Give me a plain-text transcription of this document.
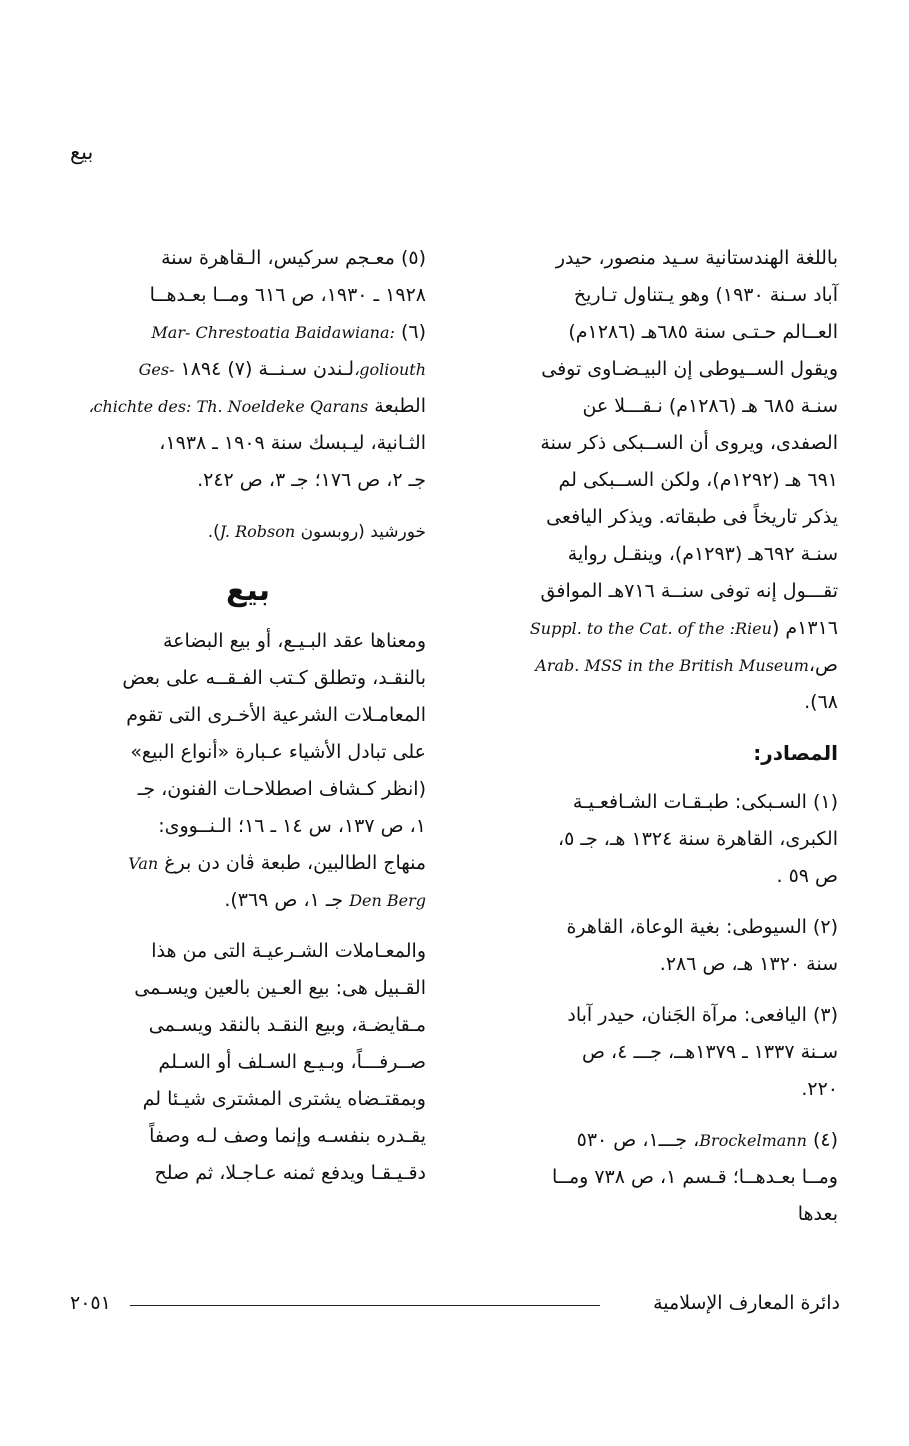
بيع

باللغة الهندستانية سـيد منصور، حيدر
آباد سـنة ١٩٣٠) وهو يـتناول تـاريخ
العــالم حـتـى سنة ٦٨٥هـ (١٢٨٦م)
ويقول الســيوطى إن البيـضـاوى توفى
سنـة ٦٨٥ هـ (١٢٨٦م) نـقـــلا عن
الصفدى، ويروى أن الســبكى ذكر سنة
٦٩١ هـ (١٢٩٢م)، ولكن الســبكى لم
يذكر تاريخاً فى طبقاته. ويذكر اليافعى
سنـة ٦٩٢هـ (١٢٩٣م)، وينقـل رواية
تقـــول إنه توفى سنــة ٧١٦هـ الموافق
١٣١٦م (Suppl. to the Cat. of the :Rieu
ص،Arab. MSS in the British Museum
٦٨).

المصادر:

(١) السـبكى: طبـقـات الشـافعـيـة
الكبرى، القاهرة سنة ١٣٢٤ هـ، جـ ٥،
ص ٥٩ .

(٢) السيوطى: بغية الوعاة، القاهرة
سنة ١٣٢٠ هـ، ص ٢٨٦.

(٣) اليافعى: مرآة الجَنان، حيدر آباد
سـنة ١٣٣٧ ـ ١٣٧٩هــ، جـــ ٤، ص
٢٢٠.

(٤) Brockelmann، جـــ١، ص ٥٣٠
ومــا بعـدهــا؛ قـسم ١، ص ٧٣٨ ومــا
بعدها

(٥) معـجم سركيس، الـقاهرة سنة
١٩٢٨ ـ ١٩٣٠، ص ٦١٦ ومــا بعـدهــا
(٦) Mar- Chrestoatia Baidawiana:
،goliouthلـندن سـنــة (٧) ١٨٩٤ Ges-
الطبعة ،chichte des: Th. Noeldeke Qarans
الثـانية، ليـبسك سنة ١٩٠٩ ـ ١٩٣٨،
جـ ٢، ص ١٧٦؛ جـ ٣، ص ٢٤٢.

خورشيد (روبسون J. Robson).

بيع

ومعناها عقد البـيـع، أو بيع البضاعة
بالنقـد، وتطلق كـتب الفـقــه على بعض
المعامـلات الشرعية الأخـرى التى تقوم
على تبادل الأشياء عـبارة «أنواع البيع»
(انظر كـشاف اصطلاحـات الفنون، جـ
١، ص ١٣٧، س ١٤ ـ ١٦؛ الـنــووى:
منهاج الطالبين، طبعة ڤان دن برغ Van
Den Berg جـ ١، ص ٣٦٩).

والمعـاملات الشـرعيـة التى من هذا
القـبيل هى: بيع العـين بالعين ويسـمى
مـقايضـة، وبيع النقـد بالنقد ويسـمى
صــرفـــاً، وبـيـع السـلف أو السـلم
وبمقتـضاه يشترى المشترى شيـئا لم
يقـدره بنفسـه وإنما وصف لـه وصفاً
دقـيـقـا ويدفع ثمنه عـاجـلا، ثم صلح

٢٠٥١	دائرة المعارف الإسلامية
